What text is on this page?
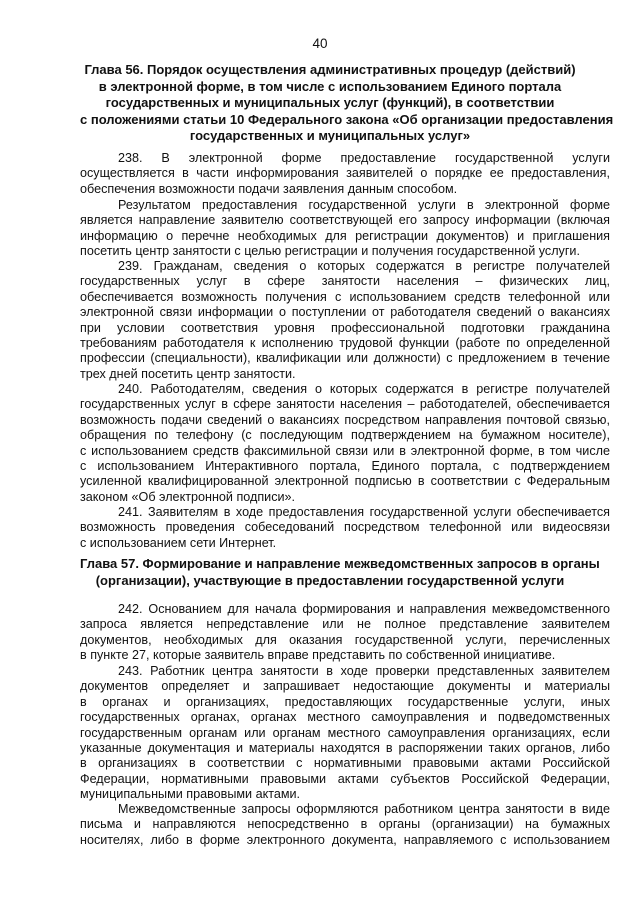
40
Глава 56. Порядок осуществления административных процедур (действий)
в электронной форме, в том числе с использованием Единого портала
государственных и муниципальных услуг (функций), в соответствии
с положениями статьи 10 Федерального закона «Об организации предоставления
государственных и муниципальных услуг»
238. В электронной форме предоставление государственной услуги
осуществляется в части информирования заявителей о порядке ее предоставления,
обеспечения возможности подачи заявления данным способом.
Результатом предоставления государственной услуги в электронной форме
является направление заявителю соответствующей его запросу информации (включая
информацию о перечне необходимых для регистрации документов) и приглашения
посетить центр занятости с целью регистрации и получения государственной услуги.
239. Гражданам, сведения о которых содержатся в регистре получателей
государственных услуг в сфере занятости населения – физических лиц,
обеспечивается возможность получения с использованием средств телефонной или
электронной связи информации о поступлении от работодателя сведений о вакансиях
при условии соответствия уровня профессиональной подготовки гражданина
требованиям работодателя к исполнению трудовой функции (работе по определенной
профессии (специальности), квалификации или должности) с предложением в течение
трех дней посетить центр занятости.
240. Работодателям, сведения о которых содержатся в регистре получателей
государственных услуг в сфере занятости населения – работодателей, обеспечивается
возможность подачи сведений о вакансиях посредством направления почтовой связью,
обращения по телефону (с последующим подтверждением на бумажном носителе),
с использованием средств факсимильной связи или в электронной форме, в том числе
с использованием Интерактивного портала, Единого портала, с подтверждением
усиленной квалифицированной электронной подписью в соответствии с Федеральным
законом «Об электронной подписи».
241. Заявителям в ходе предоставления государственной услуги обеспечивается
возможность проведения собеседований посредством телефонной или видеосвязи
с использованием сети Интернет.
Глава 57. Формирование и направление межведомственных запросов в органы
(организации), участвующие в предоставлении государственной услуги
242. Основанием для начала формирования и направления межведомственного
запроса является непредставление или не полное представление заявителем
документов, необходимых для оказания государственной услуги, перечисленных
в пункте 27, которые заявитель вправе представить по собственной инициативе.
243. Работник центра занятости в ходе проверки представленных заявителем
документов определяет и запрашивает недостающие документы и материалы
в органах и организациях, предоставляющих государственные услуги, иных
государственных органах, органах местного самоуправления и подведомственных
государственным органам или органам местного самоуправления организациях, если
указанные документация и материалы находятся в распоряжении таких органов, либо
в организациях в соответствии с нормативными правовыми актами Российской
Федерации, нормативными правовыми актами субъектов Российской Федерации,
муниципальными правовыми актами.
Межведомственные запросы оформляются работником центра занятости в виде
письма и направляются непосредственно в органы (организации) на бумажных
носителях, либо в форме электронного документа, направляемого с использованием
